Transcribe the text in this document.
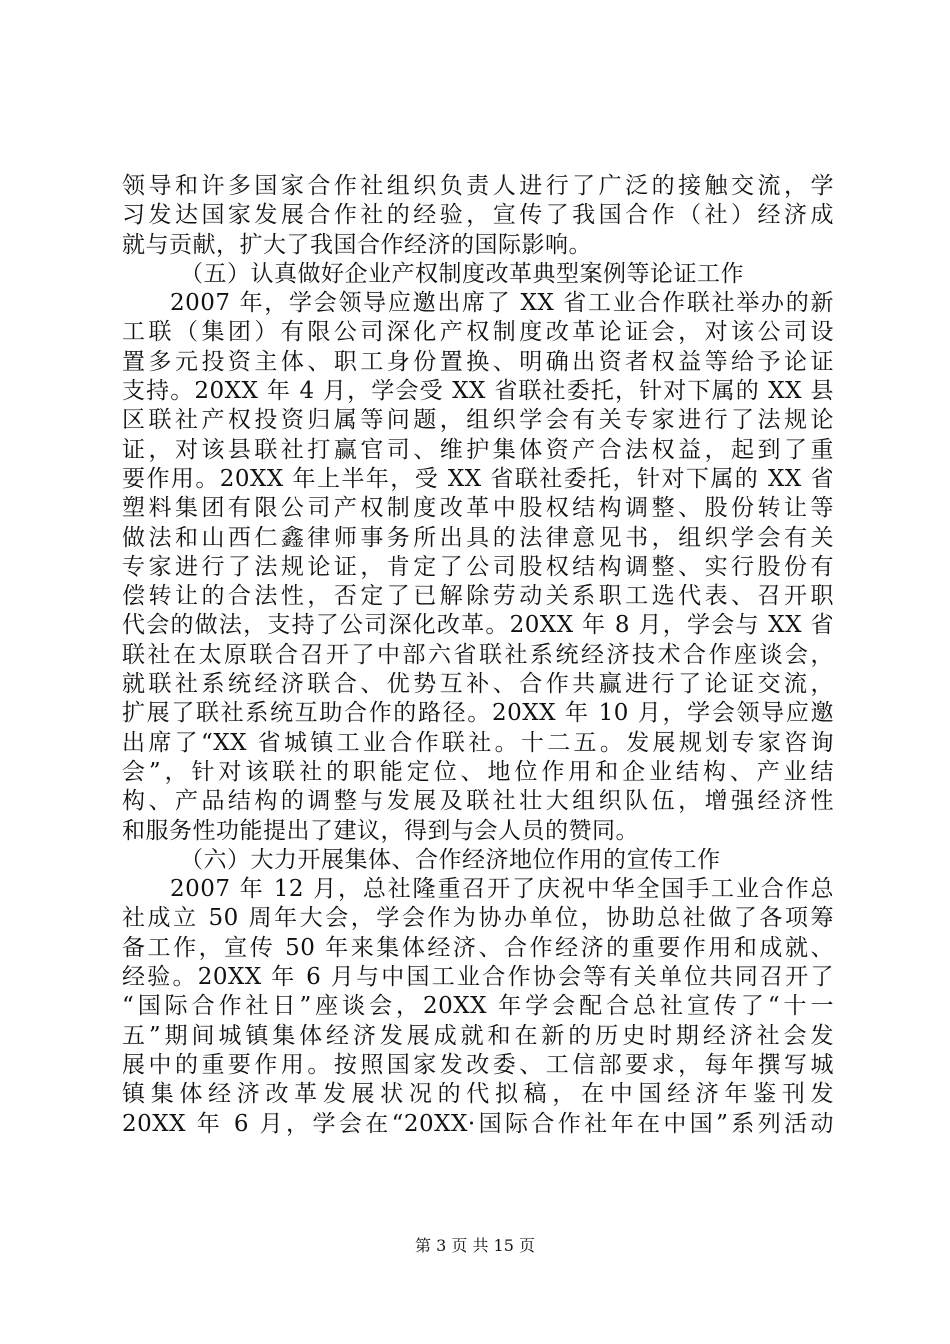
领导和许多国家合作社组织负责人进行了广泛的接触交流，学
习发达国家发展合作社的经验，宣传了我国合作（社）经济成
就与贡献，扩大了我国合作经济的国际影响。
（五）认真做好企业产权制度改革典型案例等论证工作
2007 年，学会领导应邀出席了 XX 省工业合作联社举办的新
工联（集团）有限公司深化产权制度改革论证会，对该公司设
置多元投资主体、职工身份置换、明确出资者权益等给予论证
支持。20XX 年 4 月，学会受 XX 省联社委托，针对下属的 XX 县
区联社产权投资归属等问题，组织学会有关专家进行了法规论
证，对该县联社打赢官司、维护集体资产合法权益，起到了重
要作用。20XX 年上半年，受 XX 省联社委托，针对下属的 XX 省
塑料集团有限公司产权制度改革中股权结构调整、股份转让等
做法和山西仁鑫律师事务所出具的法律意见书，组织学会有关
专家进行了法规论证，肯定了公司股权结构调整、实行股份有
偿转让的合法性，否定了已解除劳动关系职工选代表、召开职
代会的做法，支持了公司深化改革。20XX 年 8 月，学会与 XX 省
联社在太原联合召开了中部六省联社系统经济技术合作座谈会，
就联社系统经济联合、优势互补、合作共赢进行了论证交流，
扩展了联社系统互助合作的路径。20XX 年 10 月，学会领导应邀
出席了“XX 省城镇工业合作联社。十二五。发展规划专家咨询
会”，针对该联社的职能定位、地位作用和企业结构、产业结
构、产品结构的调整与发展及联社壮大组织队伍，增强经济性
和服务性功能提出了建议，得到与会人员的赞同。
（六）大力开展集体、合作经济地位作用的宣传工作
2007 年 12 月，总社隆重召开了庆祝中华全国手工业合作总
社成立 50 周年大会，学会作为协办单位，协助总社做了各项筹
备工作，宣传 50 年来集体经济、合作经济的重要作用和成就、
经验。20XX 年 6 月与中国工业合作协会等有关单位共同召开了
“国际合作社日”座谈会，20XX 年学会配合总社宣传了“十一
五”期间城镇集体经济发展成就和在新的历史时期经济社会发
展中的重要作用。按照国家发改委、工信部要求，每年撰写城
镇集体经济改革发展状况的代拟稿，在中国经济年鉴刊发
20XX 年 6 月，学会在“20XX·国际合作社年在中国”系列活动
第 3 页 共 15 页
